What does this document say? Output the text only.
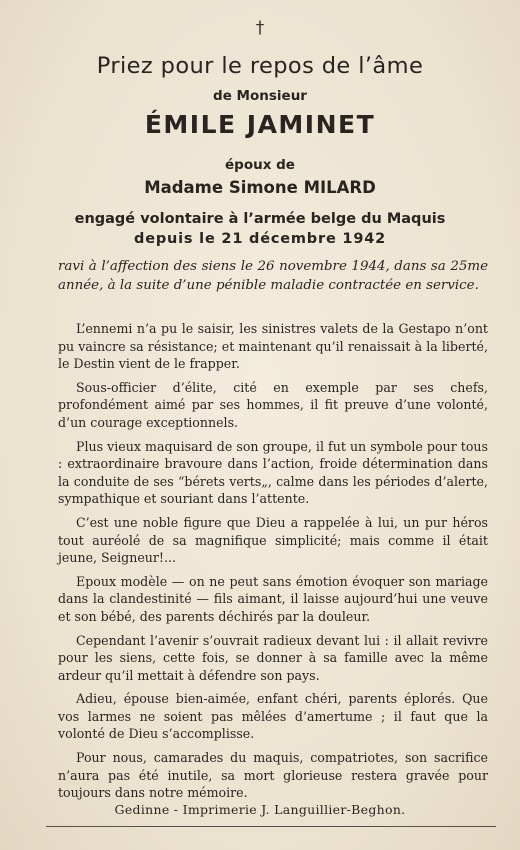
†
Priez pour le repos de l’âme
de Monsieur
ÉMILE JAMINET
époux de
Madame Simone MILARD
engagé volontaire à l’armée belge du Maquis
depuis le 21 décembre 1942
ravi à l’affection des siens le 26 novembre 1944, dans sa 25me année, à la suite d’une pénible maladie contractée en service.

L’ennemi n’a pu le saisir, les sinistres valets de la Gestapo n’ont pu vaincre sa résistance; et maintenant qu’il renaissait à la liberté, le Destin vient de le frapper.

Sous-officier d’élite, cité en exemple par ses chefs, profondément aimé par ses hommes, il fit preuve d’une volonté, d’un courage exceptionnels.

Plus vieux maquisard de son groupe, il fut un symbole pour tous : extraordinaire bravoure dans l’action, froide détermination dans la conduite de ses “bérets verts„, calme dans les périodes d’alerte, sympathique et souriant dans l’attente.

C’est une noble figure que Dieu a rappelée à lui, un pur héros tout auréolé de sa magnifique simplicité; mais comme il était jeune, Seigneur!...

Epoux modèle — on ne peut sans émotion évoquer son mariage dans la clandestinité — fils aimant, il laisse aujourd’hui une veuve et son bébé, des parents déchirés par la douleur.

Cependant l’avenir s’ouvrait radieux devant lui : il allait revivre pour les siens, cette fois, se donner à sa famille avec la même ardeur qu’il mettait à défendre son pays.

Adieu, épouse bien-aimée, enfant chéri, parents éplorés. Que vos larmes ne soient pas mêlées d’amertume ; il faut que la volonté de Dieu s’accomplisse.

Pour nous, camarades du maquis, compatriotes, son sacrifice n’aura pas été inutile, sa mort glorieuse restera gravée pour toujours dans notre mémoire.

Gedinne - Imprimerie J. Languillier-Beghon.
